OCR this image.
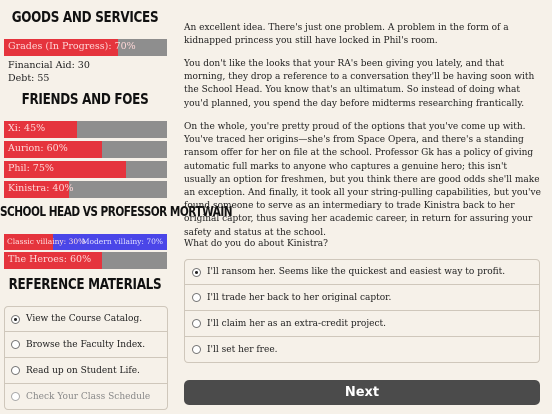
GOODS AND SERVICES
Grades (In Progress): 70%
Financial Aid: 30
Debt: 55
FRIENDS AND FOES
Xi: 45%
Aurion: 60%
Phil: 75%
Kinistra: 40%
SCHOOL HEAD VS PROFESSOR MORTWAIN
Classic villainy: 30%
Modern villainy: 70%
The Heroes: 60%
REFERENCE MATERIALS
View the Course Catalog.
Browse the Faculty Index.
Read up on Student Life.
Check Your Class Schedule

An excellent idea. There's just one problem. A problem in the form of a kidnapped princess you still have locked in Phil's room.

You don't like the looks that your RA's been giving you lately, and that morning, they drop a reference to a conversation they'll be having soon with the School Head. You know that's an ultimatum. So instead of doing what you'd planned, you spend the day before midterms researching frantically.

On the whole, you're pretty proud of the options that you've come up with. You've traced her origins—she's from Space Opera, and there's a standing ransom offer for her on file at the school. Professor Gk has a policy of giving automatic full marks to anyone who captures a genuine hero; this isn't usually an option for freshmen, but you think there are good odds she'll make an exception. And finally, it took all your string-pulling capabilities, but you've found someone to serve as an intermediary to trade Kinistra back to her original captor, thus saving her academic career, in return for assuring your safety and status at the school.

What do you do about Kinistra?
I'll ransom her. Seems like the quickest and easiest way to profit.
I'll trade her back to her original captor.
I'll claim her as an extra-credit project.
I'll set her free.
Next
